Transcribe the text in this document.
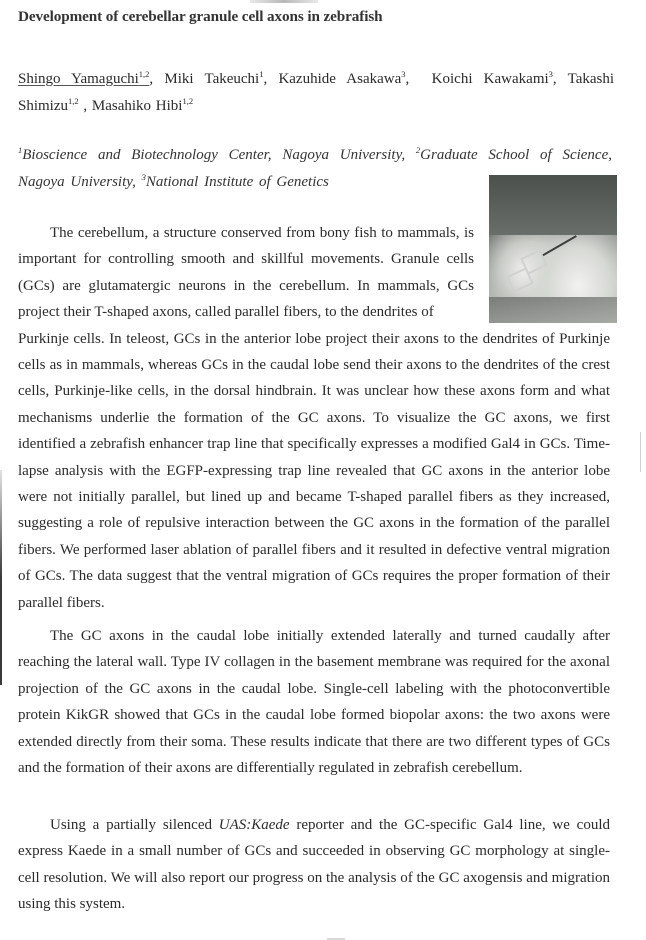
Development of cerebellar granule cell axons in zebrafish
Shingo Yamaguchi$^{1,2}$, Miki Takeuchi$^1$, Kazuhide Asakawa$^3$, Koichi Kawakami$^3$, Takashi Shimizu$^{1,2}$ , Masahiko Hibi$^{1,2}$
$^1$Bioscience and Biotechnology Center, Nagoya University, $^2$Graduate School of Science, Nagoya University, $^3$National Institute of Genetics
The cerebellum, a structure conserved from bony fish to mammals, is important for controlling smooth and skillful movements. Granule cells (GCs) are glutamatergic neurons in the cerebellum. In mammals, GCs project their T-shaped axons, called parallel fibers, to the dendrites of
Purkinje cells. In teleost, GCs in the anterior lobe project their axons to the dendrites of Purkinje cells as in mammals, whereas GCs in the caudal lobe send their axons to the dendrites of the crest cells, Purkinje-like cells, in the dorsal hindbrain. It was unclear how these axons form and what mechanisms underlie the formation of the GC axons. To visualize the GC axons, we first identified a zebrafish enhancer trap line that specifically expresses a modified Gal4 in GCs. Time-lapse analysis with the EGFP-expressing trap line revealed that GC axons in the anterior lobe were not initially parallel, but lined up and became T-shaped parallel fibers as they increased, suggesting a role of repulsive interaction between the GC axons in the formation of the parallel fibers. We performed laser ablation of parallel fibers and it resulted in defective ventral migration of GCs. The data suggest that the ventral migration of GCs requires the proper formation of their parallel fibers.
The GC axons in the caudal lobe initially extended laterally and turned caudally after reaching the lateral wall. Type IV collagen in the basement membrane was required for the axonal projection of the GC axons in the caudal lobe. Single-cell labeling with the photoconvertible protein KikGR showed that GCs in the caudal lobe formed biopolar axons: the two axons were extended directly from their soma. These results indicate that there are two different types of GCs and the formation of their axons are differentially regulated in zebrafish cerebellum.
Using a partially silenced UAS:Kaede reporter and the GC-specific Gal4 line, we could express Kaede in a small number of GCs and succeeded in observing GC morphology at single-cell resolution. We will also report our progress on the analysis of the GC axogensis and migration using this system.
